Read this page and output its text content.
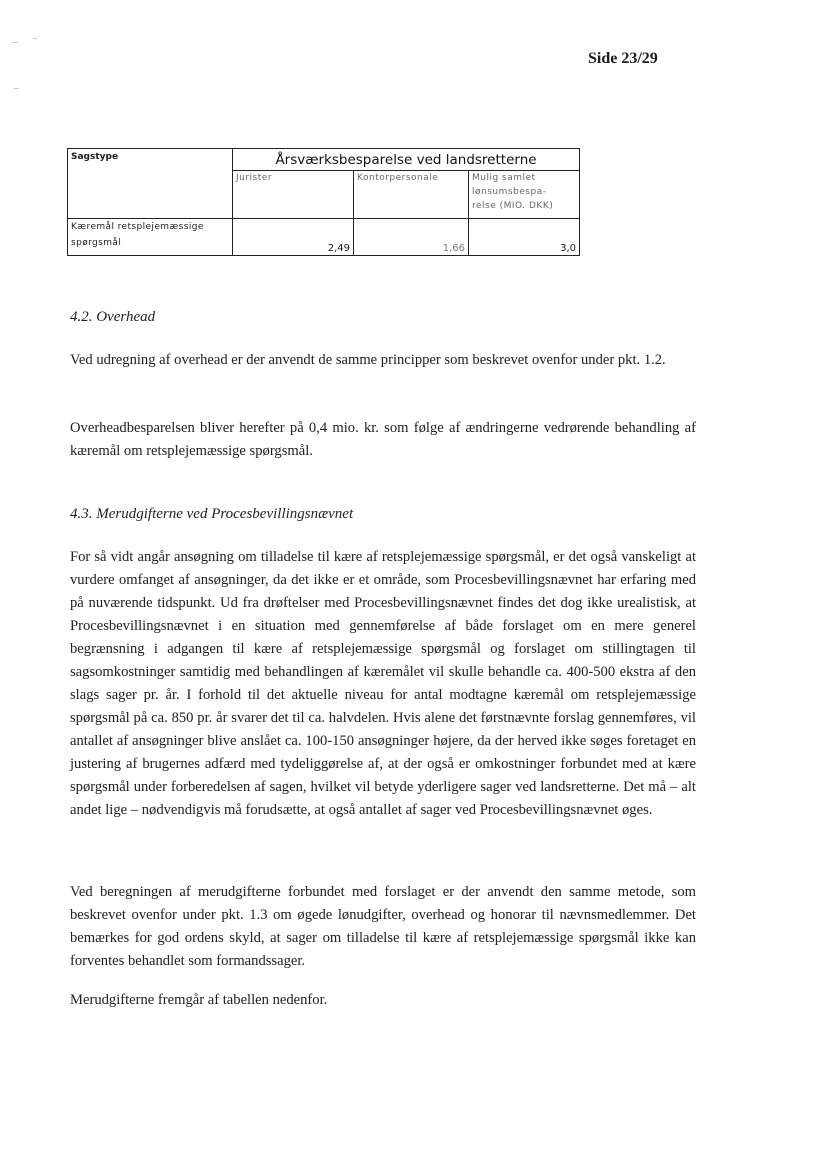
Side 23/29
Sagstype	Årsværksbesparelse ved landsretterne		
	Jurister	Kontorpersonale	Mulig samlet
lønsumsbespa-
relse (MIO. DKK)
Kæremål retsplejemæssige
spørgsmål	2,49	1,66	3,0
4.2. Overhead

Ved udregning af overhead er der anvendt de samme principper som beskrevet ovenfor under pkt. 1.2.

Overheadbesparelsen bliver herefter på 0,4 mio. kr. som følge af ændringerne vedrørende behandling af kæremål om retsplejemæssige spørgsmål.

4.3. Merudgifterne ved Procesbevillingsnævnet

For så vidt angår ansøgning om tilladelse til kære af retsplejemæssige spørgsmål, er det også vanskeligt at vurdere omfanget af ansøgninger, da det ikke er et område, som Procesbevillingsnævnet har erfaring med på nuværende tidspunkt. Ud fra drøftelser med Procesbevillingsnævnet findes det dog ikke urealistisk, at Procesbevillingsnævnet i en situation med gennemførelse af både forslaget om en mere generel begrænsning i adgangen til kære af retsplejemæssige spørgsmål og forslaget om stillingtagen til sagsomkostninger samtidig med behandlingen af kæremålet vil skulle behandle ca. 400-500 ekstra af den slags sager pr. år. I forhold til det aktuelle niveau for antal modtagne kæremål om retsplejemæssige spørgsmål på ca. 850 pr. år svarer det til ca. halvdelen. Hvis alene det førstnævnte forslag gennemføres, vil antallet af ansøgninger blive anslået ca. 100-150 ansøgninger højere, da der herved ikke søges foretaget en justering af brugernes adfærd med tydeliggørelse af, at der også er omkostninger forbundet med at kære spørgsmål under forberedelsen af sagen, hvilket vil betyde yderligere sager ved landsretterne. Det må – alt andet lige – nødvendigvis må forudsætte, at også antallet af sager ved Procesbevillingsnævnet øges.

Ved beregningen af merudgifterne forbundet med forslaget er der anvendt den samme metode, som beskrevet ovenfor under pkt. 1.3 om øgede lønudgifter, overhead og honorar til nævnsmedlemmer. Det bemærkes for god ordens skyld, at sager om tilladelse til kære af retsplejemæssige spørgsmål ikke kan forventes behandlet som formandssager.

Merudgifterne fremgår af tabellen nedenfor.
